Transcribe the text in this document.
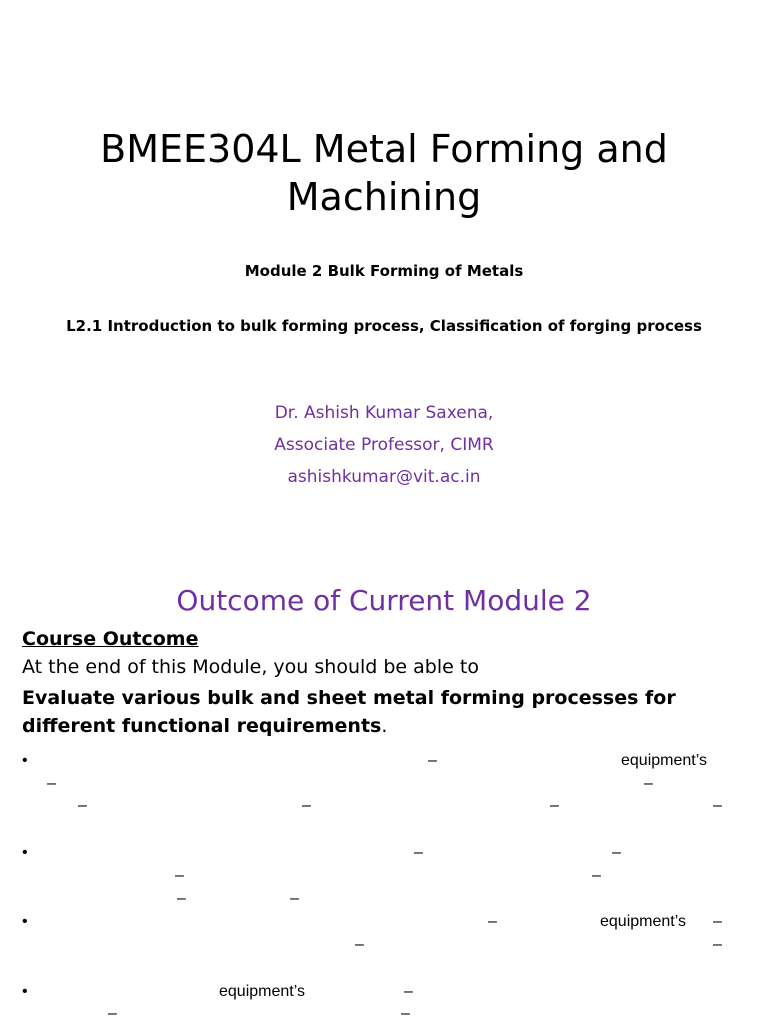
BMEE304L Metal Forming and
Machining
Module 2 Bulk Forming of Metals
L2.1 Introduction to bulk forming process, Classification of forging process
Dr. Ashish Kumar Saxena,
Associate Professor, CIMR
ashishkumar@vit.ac.in
Outcome of Current Module 2
Course Outcome
At the end of this Module, you should be able to
Evaluate various bulk and sheet metal forming processes for different functional requirements.
•	–	equipment’s
–	–
–	–	–	–
•	–	–
–	–
–	–
•	–	equipment’s –
–	–
•	equipment’s	–
–	–
